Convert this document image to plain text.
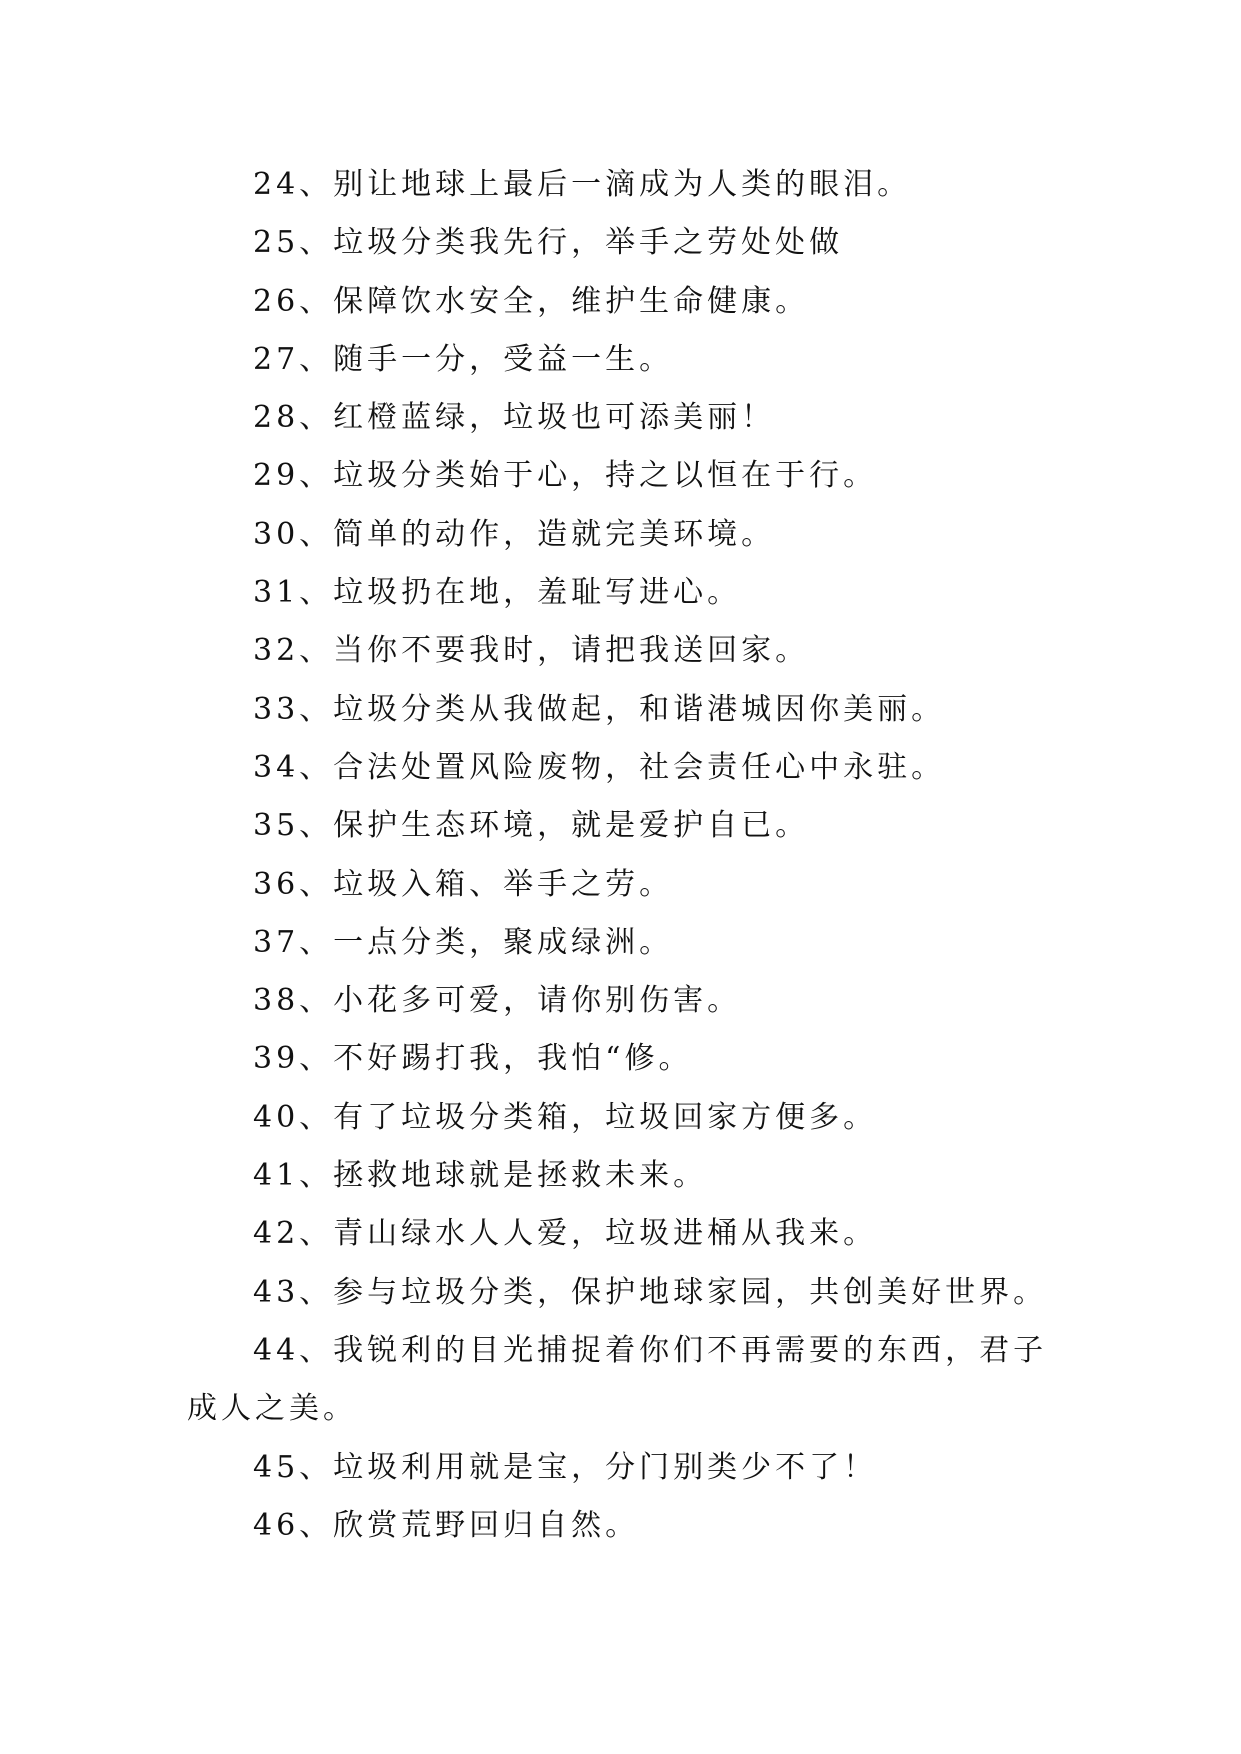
24、别让地球上最后一滴成为人类的眼泪。

25、垃圾分类我先行，举手之劳处处做

26、保障饮水安全，维护生命健康。

27、随手一分，受益一生。

28、红橙蓝绿，垃圾也可添美丽！

29、垃圾分类始于心，持之以恒在于行。

30、简单的动作，造就完美环境。

31、垃圾扔在地，羞耻写进心。

32、当你不要我时，请把我送回家。

33、垃圾分类从我做起，和谐港城因你美丽。

34、合法处置风险废物，社会责任心中永驻。

35、保护生态环境，就是爱护自已。

36、垃圾入箱、举手之劳。

37、一点分类，聚成绿洲。

38、小花多可爱，请你别伤害。

39、不好踢打我，我怕“修。

40、有了垃圾分类箱，垃圾回家方便多。

41、拯救地球就是拯救未来。

42、青山绿水人人爱，垃圾进桶从我来。

43、参与垃圾分类，保护地球家园，共创美好世界。

44、我锐利的目光捕捉着你们不再需要的东西，君子成人之美。

45、垃圾利用就是宝，分门别类少不了！

46、欣赏荒野回归自然。
